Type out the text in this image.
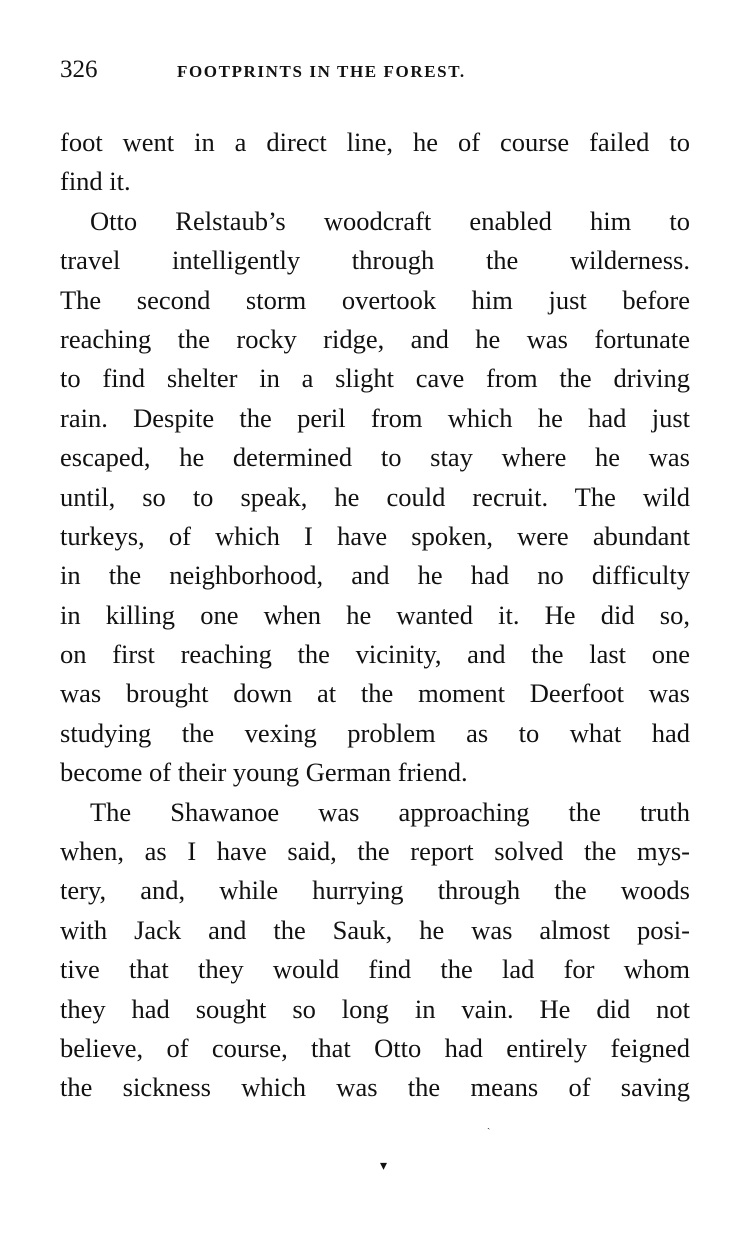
326	FOOTPRINTS IN THE FOREST.
foot went in a direct line, he of course failed to
find it.
Otto Relstaub’s woodcraft enabled him to
travel intelligently through the wilderness.
The second storm overtook him just before
reaching the rocky ridge, and he was fortunate
to find shelter in a slight cave from the driving
rain. Despite the peril from which he had just
escaped, he determined to stay where he was
until, so to speak, he could recruit. The wild
turkeys, of which I have spoken, were abundant
in the neighborhood, and he had no difficulty
in killing one when he wanted it. He did so,
on first reaching the vicinity, and the last one
was brought down at the moment Deerfoot was
studying the vexing problem as to what had
become of their young German friend.
The Shawanoe was approaching the truth
when, as I have said, the report solved the mys-
tery, and, while hurrying through the woods
with Jack and the Sauk, he was almost posi-
tive that they would find the lad for whom
they had sought so long in vain. He did not
believe, of course, that Otto had entirely feigned
the sickness which was the means of saving
ˎ
▾
